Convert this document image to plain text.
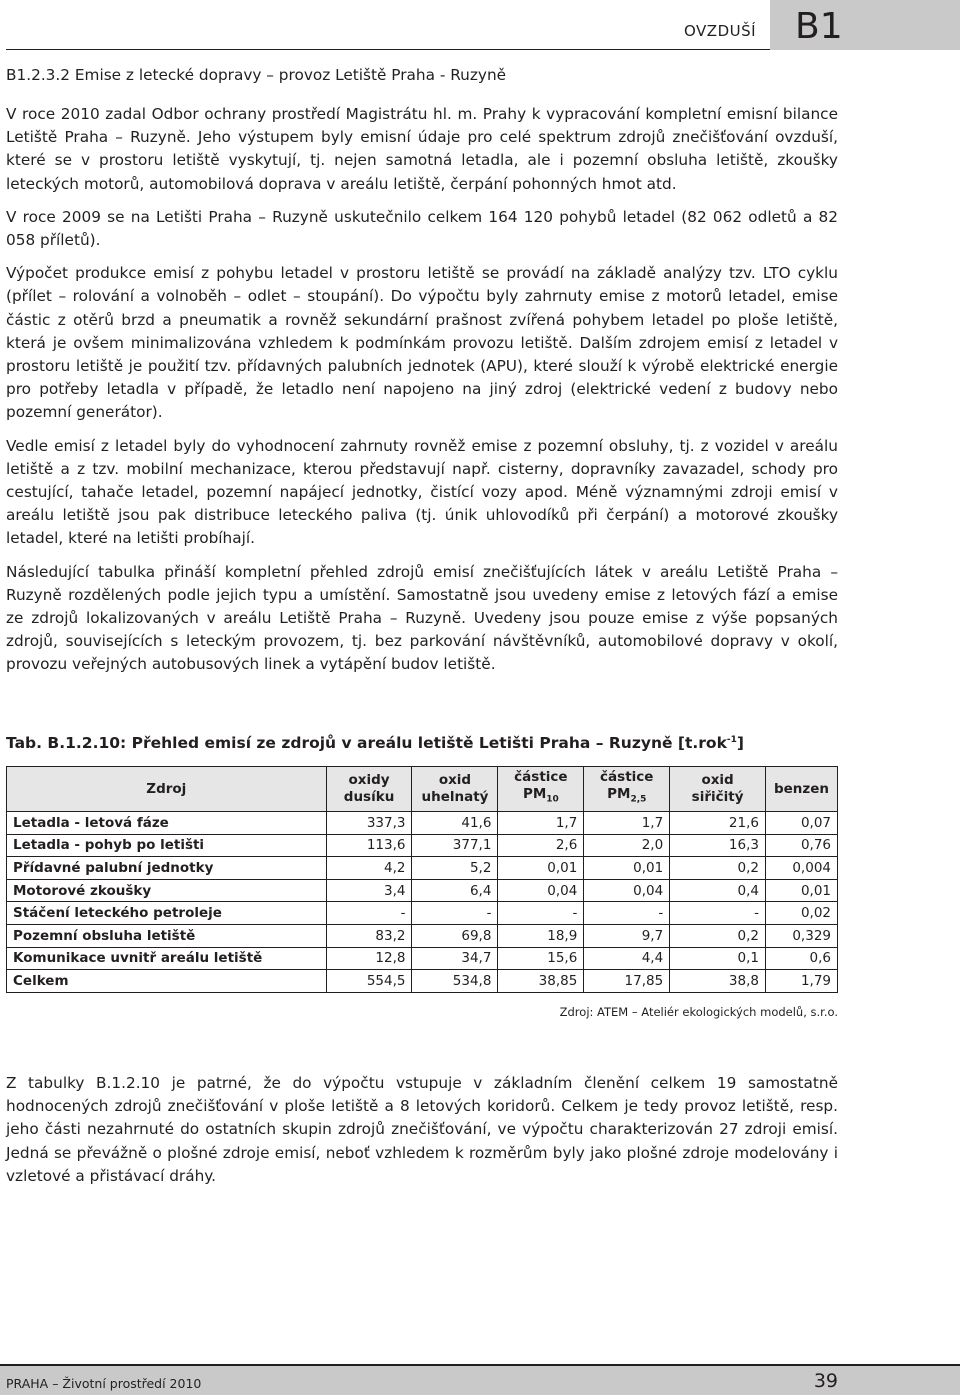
OVZDUŠÍ B1
B1.2.3.2 Emise z letecké dopravy – provoz Letiště Praha - Ruzyně

V roce 2010 zadal Odbor ochrany prostředí Magistrátu hl. m. Prahy k vypracování kompletní emisní bilance Letiště Praha – Ruzyně. Jeho výstupem byly emisní údaje pro celé spektrum zdrojů znečišťování ovzduší, které se v prostoru letiště vyskytují, tj. nejen samotná letadla, ale i pozemní obsluha letiště, zkoušky leteckých motorů, automobilová doprava v areálu letiště, čerpání pohonných hmot atd.

V roce 2009 se na Letišti Praha – Ruzyně uskutečnilo celkem 164 120 pohybů letadel (82 062 odletů a 82 058 příletů).

Výpočet produkce emisí z pohybu letadel v prostoru letiště se provádí na základě analýzy tzv. LTO cyklu (přílet – rolování a volnoběh – odlet – stoupání). Do výpočtu byly zahrnuty emise z motorů letadel, emise částic z otěrů brzd a pneumatik a rovněž sekundární prašnost zvířená pohybem letadel po ploše letiště, která je ovšem minimalizována vzhledem k podmínkám provozu letiště. Dalším zdrojem emisí z letadel v prostoru letiště je použití tzv. přídavných palubních jednotek (APU), které slouží k výrobě elektrické energie pro potřeby letadla v případě, že letadlo není napojeno na jiný zdroj (elektrické vedení z budovy nebo pozemní generátor).

Vedle emisí z letadel byly do vyhodnocení zahrnuty rovněž emise z pozemní obsluhy, tj. z vozidel v areálu letiště a z tzv. mobilní mechanizace, kterou představují např. cisterny, dopravníky zavazadel, schody pro cestující, tahače letadel, pozemní napájecí jednotky, čistící vozy apod. Méně významnými zdroji emisí v areálu letiště jsou pak distribuce leteckého paliva (tj. únik uhlovodíků při čerpání) a motorové zkoušky letadel, které na letišti probíhají.

Následující tabulka přináší kompletní přehled zdrojů emisí znečišťujících látek v areálu Letiště Praha – Ruzyně rozdělených podle jejich typu a umístění. Samostatně jsou uvedeny emise z letových fází a emise ze zdrojů lokalizovaných v areálu Letiště Praha – Ruzyně. Uvedeny jsou pouze emise z výše popsaných zdrojů, souvisejících s leteckým provozem, tj. bez parkování návštěvníků, automobilové dopravy v okolí, provozu veřejných autobusových linek a vytápění budov letiště.

Tab. B.1.2.10: Přehled emisí ze zdrojů v areálu letiště Letišti Praha – Ruzyně [t.rok$^{-1}$]
Zdroj	oxidy dusíku	oxid uhelnatý	částice $PM_{10}$	částice $PM_{2,5}$	oxid siřičitý	benzen
Letadla - letová fáze	337,3	41,6	1,7	1,7	21,6	0,07
Letadla - pohyb po letišti	113,6	377,1	2,6	2,0	16,3	0,76
Přídavné palubní jednotky	4,2	5,2	0,01	0,01	0,2	0,004
Motorové zkoušky	3,4	6,4	0,04	0,04	0,4	0,01
Stáčení leteckého petroleje	-	-	-	-	-	0,02
Pozemní obsluha letiště	83,2	69,8	18,9	9,7	0,2	0,329
Komunikace uvnitř areálu letiště	12,8	34,7	15,6	4,4	0,1	0,6
Celkem	554,5	534,8	38,85	17,85	38,8	1,79
Zdroj: ATEM – Ateliér ekologických modelů, s.r.o.

Z tabulky B.1.2.10 je patrné, že do výpočtu vstupuje v základním členění celkem 19 samostatně hodnocených zdrojů znečišťování v ploše letiště a 8 letových koridorů. Celkem je tedy provoz letiště, resp. jeho části nezahrnuté do ostatních skupin zdrojů znečišťování, ve výpočtu charakterizován 27 zdroji emisí. Jedná se převážně o plošné zdroje emisí, neboť vzhledem k rozměrům byly jako plošné zdroje modelovány i vzletové a přistávací dráhy.

PRAHA – Životní prostředí 2010	39
